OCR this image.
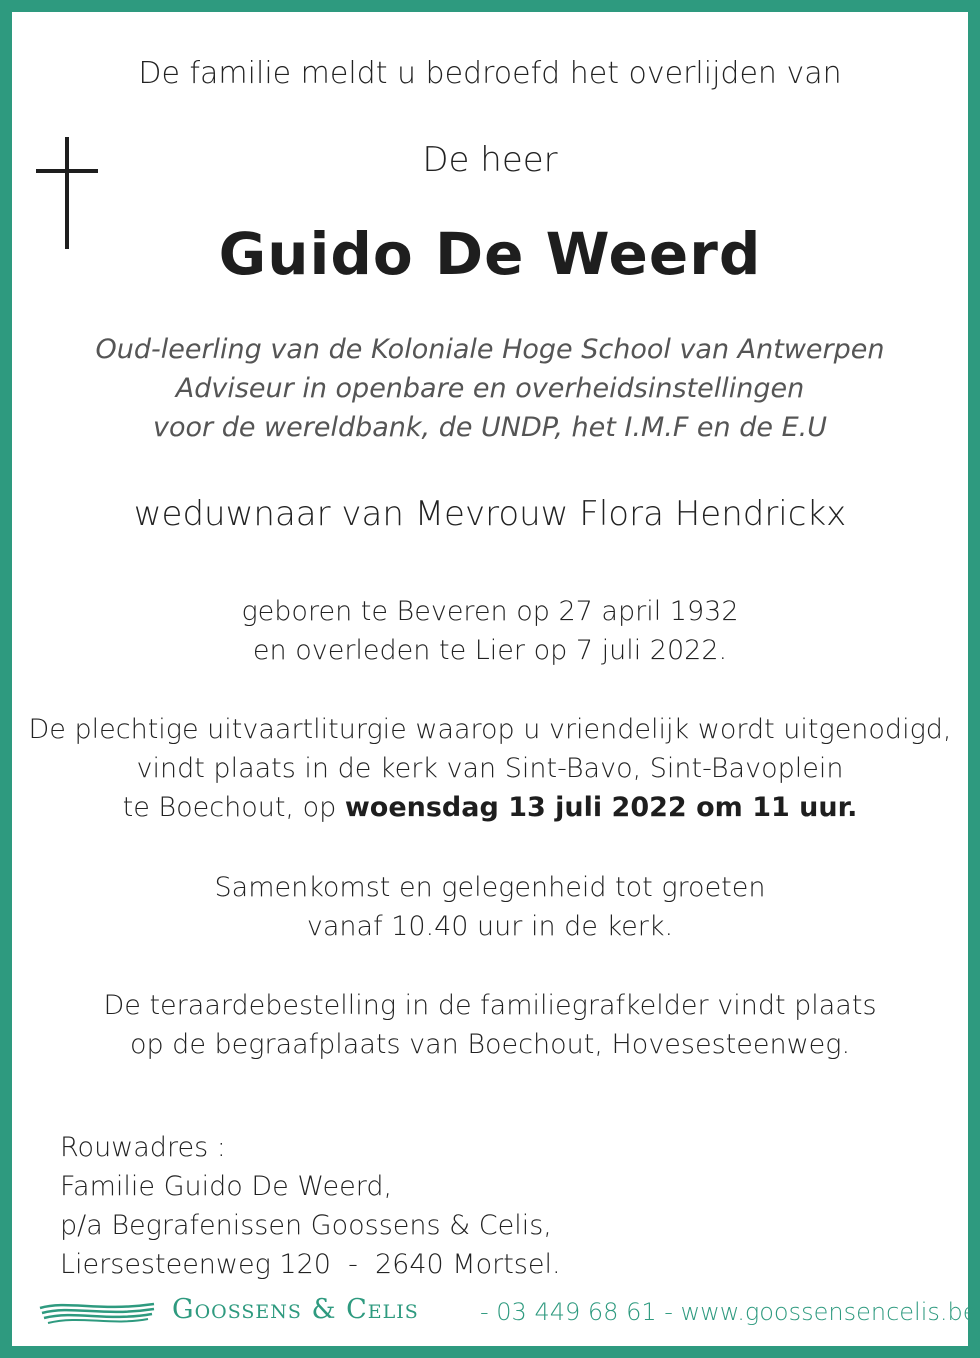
De familie meldt u bedroefd het overlijden van
De heer
Guido De Weerd
Oud-leerling van de Koloniale Hoge School van Antwerpen
Adviseur in openbare en overheidsinstellingen
voor de wereldbank, de UNDP, het I.M.F en de E.U
weduwnaar van Mevrouw Flora Hendrickx
geboren te Beveren op 27 april 1932
en overleden te Lier op 7 juli 2022.
De plechtige uitvaartliturgie waarop u vriendelijk wordt uitgenodigd,
vindt plaats in de kerk van Sint-Bavo, Sint-Bavoplein
te Boechout, op woensdag 13 juli 2022 om 11 uur.
Samenkomst en gelegenheid tot groeten
vanaf 10.40 uur in de kerk.
De teraardebestelling in de familiegrafkelder vindt plaats
op de begraafplaats van Boechout, Hovesesteenweg.
Rouwadres :
Familie Guido De Weerd,
p/a Begrafenissen Goossens & Celis,
Liersesteenweg 120  -  2640 Mortsel.
Goossens & Celis	- 03 449 68 61 - www.goossensencelis.be
